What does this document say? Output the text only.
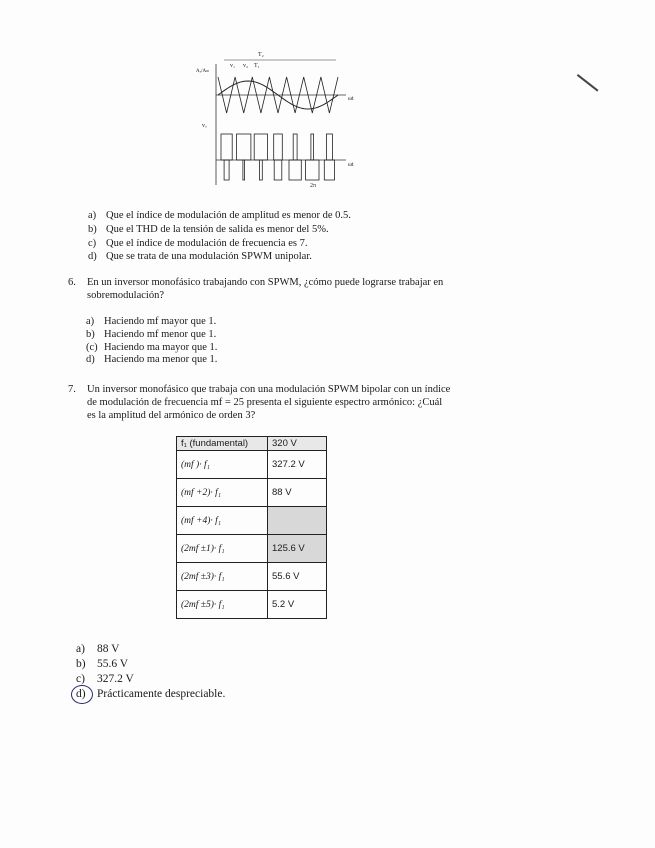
T₂
v₁ v₂ T₁
Aₓ/Aₘ
vₒ
ωt
ωt
2π
a) Que el índice de modulación de amplitud es menor de 0.5.
b) Que el THD de la tensión de salida es menor del 5%.
c) Que el índice de modulación de frecuencia es 7.
d) Que se trata de una modulación SPWM unipolar.
6. En un inversor monofásico trabajando con SPWM, ¿cómo puede lograrse trabajar en
sobremodulación?
a) Haciendo mf mayor que 1.
b) Haciendo mf menor que 1.
(c) Haciendo ma mayor que 1.
d) Haciendo ma menor que 1.
7. Un inversor monofásico que trabaja con una modulación SPWM bipolar con un índice
de modulación de frecuencia mf = 25 presenta el siguiente espectro armónico: ¿Cuál
es la amplitud del armónico de orden 3?
f₁ (fundamental)	320 V
(mf )· f₁	327.2 V
(mf +2)· f₁	88 V
(mf +4)· f₁	
(2mf ±1)· f₁	125.6 V
(2mf ±3)· f₁	55.6 V
(2mf ±5)· f₁	5.2 V
a)	88 V
b) 55.6 V
c)	327.2 V
d) Prácticamente despreciable.
